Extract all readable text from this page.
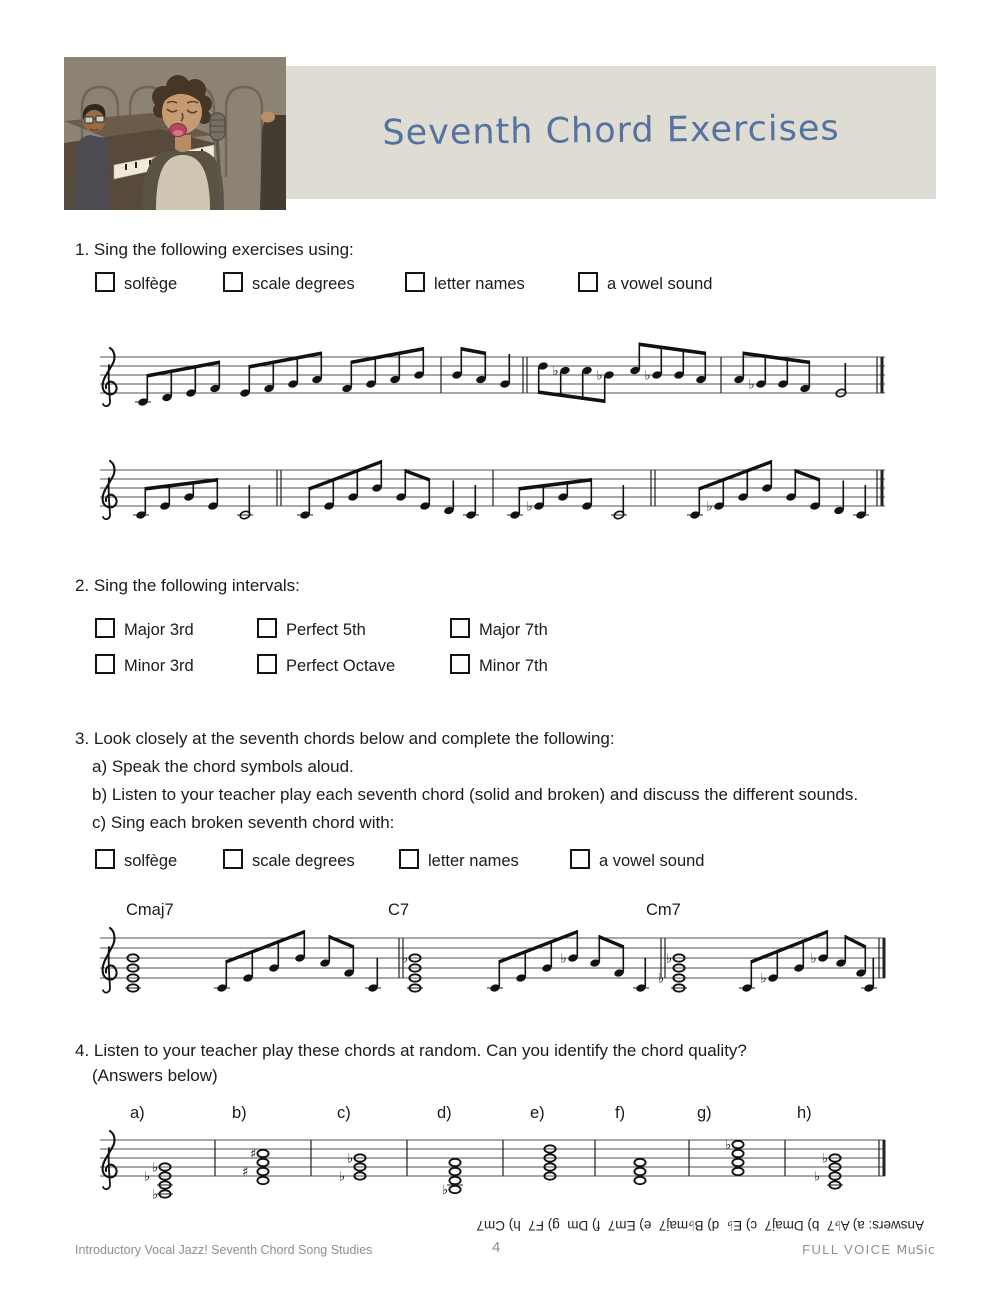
Seventh Chord Exercises
1. Sing the following exercises using:
solfège	scale degrees	letter names	a vowel sound
♭	♭	♭
♭
♭	♭
2. Sing the following intervals:
Major 3rd	Perfect 5th	Major 7th
Minor 3rd	Perfect Octave	Minor 7th
3. Look closely at the seventh chords below and complete the following:
a) Speak the chord symbols aloud.
b) Listen to your teacher play each seventh chord (solid and broken) and discuss the different sounds.
c) Sing each broken seventh chord with:
solfège	scale degrees	letter names	a vowel sound
Cmaj7	C7	Cm7
♭	♭	♭
♭	♭
♭
4. Listen to your teacher play these chords at random. Can you identify the chord quality?
(Answers below)
a)	b)	c)	d)	e)	f)	g)	h)
♭
♭
♭
♯
♯
♭
♭
♭
♭
♭
♭
Answers: a) A♭7  b) Dmaj7  c) E♭  d) B♭maj7  e) Em7  f) Dm  g) F7  h) Cm7
Introductory Vocal Jazz! Seventh Chord Song Studies	4	FULL VOICE MuSic
